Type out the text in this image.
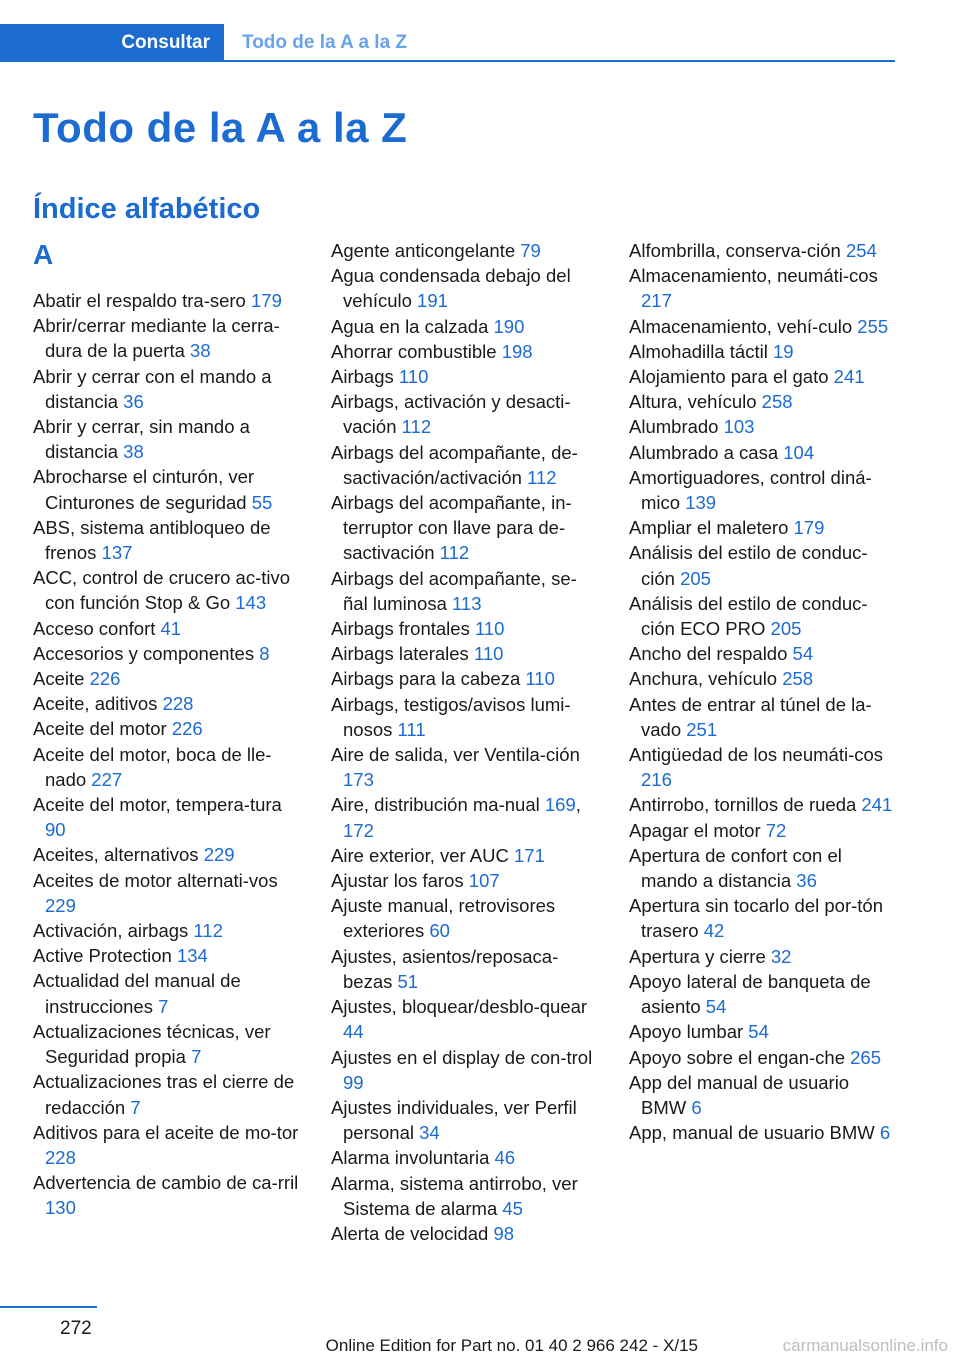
Consultar	Todo de la A a la Z
Todo de la A a la Z
Índice alfabético
A
Abatir el respaldo tra-sero 179
Abrir/cerrar mediante la cerra-dura de la puerta 38
Abrir y cerrar con el mando a distancia 36
Abrir y cerrar, sin mando a distancia 38
Abrocharse el cinturón, ver Cinturones de seguridad 55
ABS, sistema antibloqueo de frenos 137
ACC, control de crucero ac-tivo con función Stop & Go 143
Acceso confort 41
Accesorios y componentes 8
Aceite 226
Aceite, aditivos 228
Aceite del motor 226
Aceite del motor, boca de lle-nado 227
Aceite del motor, tempera-tura 90
Aceites, alternativos 229
Aceites de motor alternati-vos 229
Activación, airbags 112
Active Protection 134
Actualidad del manual de instrucciones 7
Actualizaciones técnicas, ver Seguridad propia 7
Actualizaciones tras el cierre de redacción 7
Aditivos para el aceite de mo-tor 228
Advertencia de cambio de ca-rril 130
Agente anticongelante 79
Agua condensada debajo del vehículo 191
Agua en la calzada 190
Ahorrar combustible 198
Airbags 110
Airbags, activación y desacti-vación 112
Airbags del acompañante, de-sactivación/activación 112
Airbags del acompañante, in-terruptor con llave para de-sactivación 112
Airbags del acompañante, se-ñal luminosa 113
Airbags frontales 110
Airbags laterales 110
Airbags para la cabeza 110
Airbags, testigos/avisos lumi-nosos 111
Aire de salida, ver Ventila-ción 173
Aire, distribución ma-nual 169, 172
Aire exterior, ver AUC 171
Ajustar los faros 107
Ajuste manual, retrovisores exteriores 60
Ajustes, asientos/reposaca-bezas 51
Ajustes, bloquear/desblo-quear 44
Ajustes en el display de con-trol 99
Ajustes individuales, ver Perfil personal 34
Alarma involuntaria 46
Alarma, sistema antirrobo, ver Sistema de alarma 45
Alerta de velocidad 98
Alfombrilla, conserva-ción 254
Almacenamiento, neumáti-cos 217
Almacenamiento, vehí-culo 255
Almohadilla táctil 19
Alojamiento para el gato 241
Altura, vehículo 258
Alumbrado 103
Alumbrado a casa 104
Amortiguadores, control diná-mico 139
Ampliar el maletero 179
Análisis del estilo de conduc-ción 205
Análisis del estilo de conduc-ción ECO PRO 205
Ancho del respaldo 54
Anchura, vehículo 258
Antes de entrar al túnel de la-vado 251
Antigüedad de los neumáti-cos 216
Antirrobo, tornillos de rueda 241
Apagar el motor 72
Apertura de confort con el mando a distancia 36
Apertura sin tocarlo del por-tón trasero 42
Apertura y cierre 32
Apoyo lateral de banqueta de asiento 54
Apoyo lumbar 54
Apoyo sobre el engan-che 265
App del manual de usuario BMW 6
App, manual de usuario BMW 6
272
Online Edition for Part no. 01 40 2 966 242 - X/15	carmanualsonline.info
